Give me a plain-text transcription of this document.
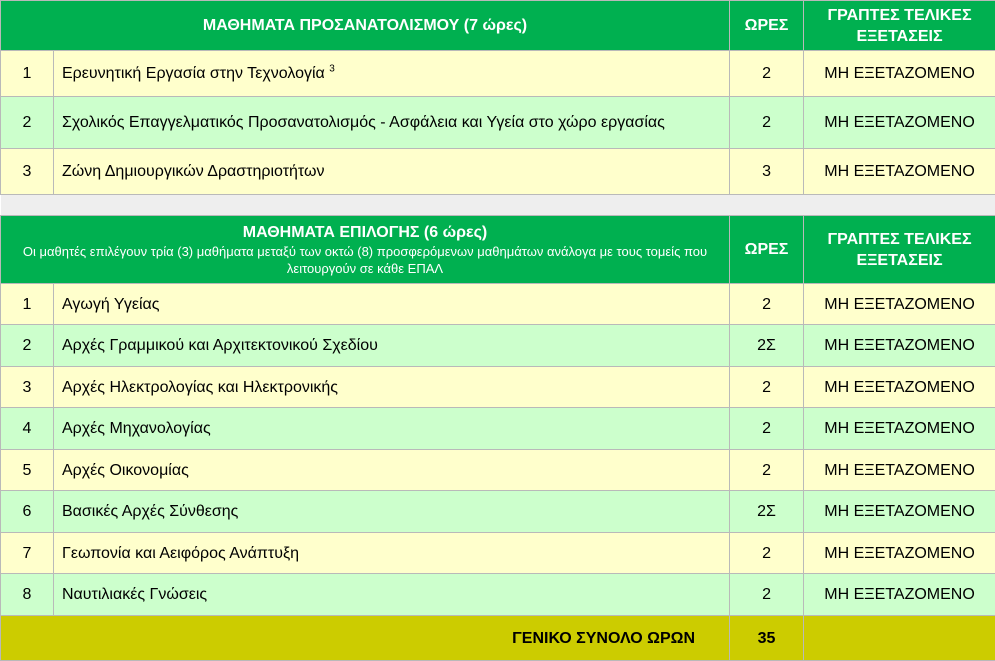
ΜΑΘΗΜΑΤΑ ΠΡΟΣΑΝΑΤΟΛΙΣΜΟΥ (7 ώρες)		ΩΡΕΣ	ΓΡΑΠΤΕΣ ΤΕΛΙΚΕΣ ΕΞΕΤΑΣΕΙΣ
1	Ερευνητική Εργασία στην Τεχνολογία $^3$	2	ΜΗ ΕΞΕΤΑΖΟΜΕΝΟ
2	Σχολικός Επαγγελματικός Προσανατολισμός - Ασφάλεια και Υγεία στο χώρο εργασίας	2	ΜΗ ΕΞΕΤΑΖΟΜΕΝΟ
3	Ζώνη Δημιουργικών Δραστηριοτήτων	3	ΜΗ ΕΞΕΤΑΖΟΜΕΝΟ

ΜΑΘΗΜΑΤΑ ΕΠΙΛΟΓΗΣ (6 ώρες)
Οι μαθητές επιλέγουν τρία (3) μαθήματα μεταξύ των οκτώ (8) προσφερόμενων μαθημάτων ανάλογα με τους τομείς που λειτουργούν σε κάθε ΕΠΑΛ		ΩΡΕΣ	ΓΡΑΠΤΕΣ ΤΕΛΙΚΕΣ ΕΞΕΤΑΣΕΙΣ
1	Αγωγή Υγείας	2	ΜΗ ΕΞΕΤΑΖΟΜΕΝΟ
2	Αρχές Γραμμικού και Αρχιτεκτονικού Σχεδίου	2Σ	ΜΗ ΕΞΕΤΑΖΟΜΕΝΟ
3	Αρχές Ηλεκτρολογίας και Ηλεκτρονικής	2	ΜΗ ΕΞΕΤΑΖΟΜΕΝΟ
4	Αρχές Μηχανολογίας	2	ΜΗ ΕΞΕΤΑΖΟΜΕΝΟ
5	Αρχές Οικονομίας	2	ΜΗ ΕΞΕΤΑΖΟΜΕΝΟ
6	Βασικές Αρχές Σύνθεσης	2Σ	ΜΗ ΕΞΕΤΑΖΟΜΕΝΟ
7	Γεωπονία και Αειφόρος Ανάπτυξη	2	ΜΗ ΕΞΕΤΑΖΟΜΕΝΟ
8	Ναυτιλιακές Γνώσεις	2	ΜΗ ΕΞΕΤΑΖΟΜΕΝΟ
ΓΕΝΙΚΟ ΣΥΝΟΛΟ ΩΡΩΝ		35	
